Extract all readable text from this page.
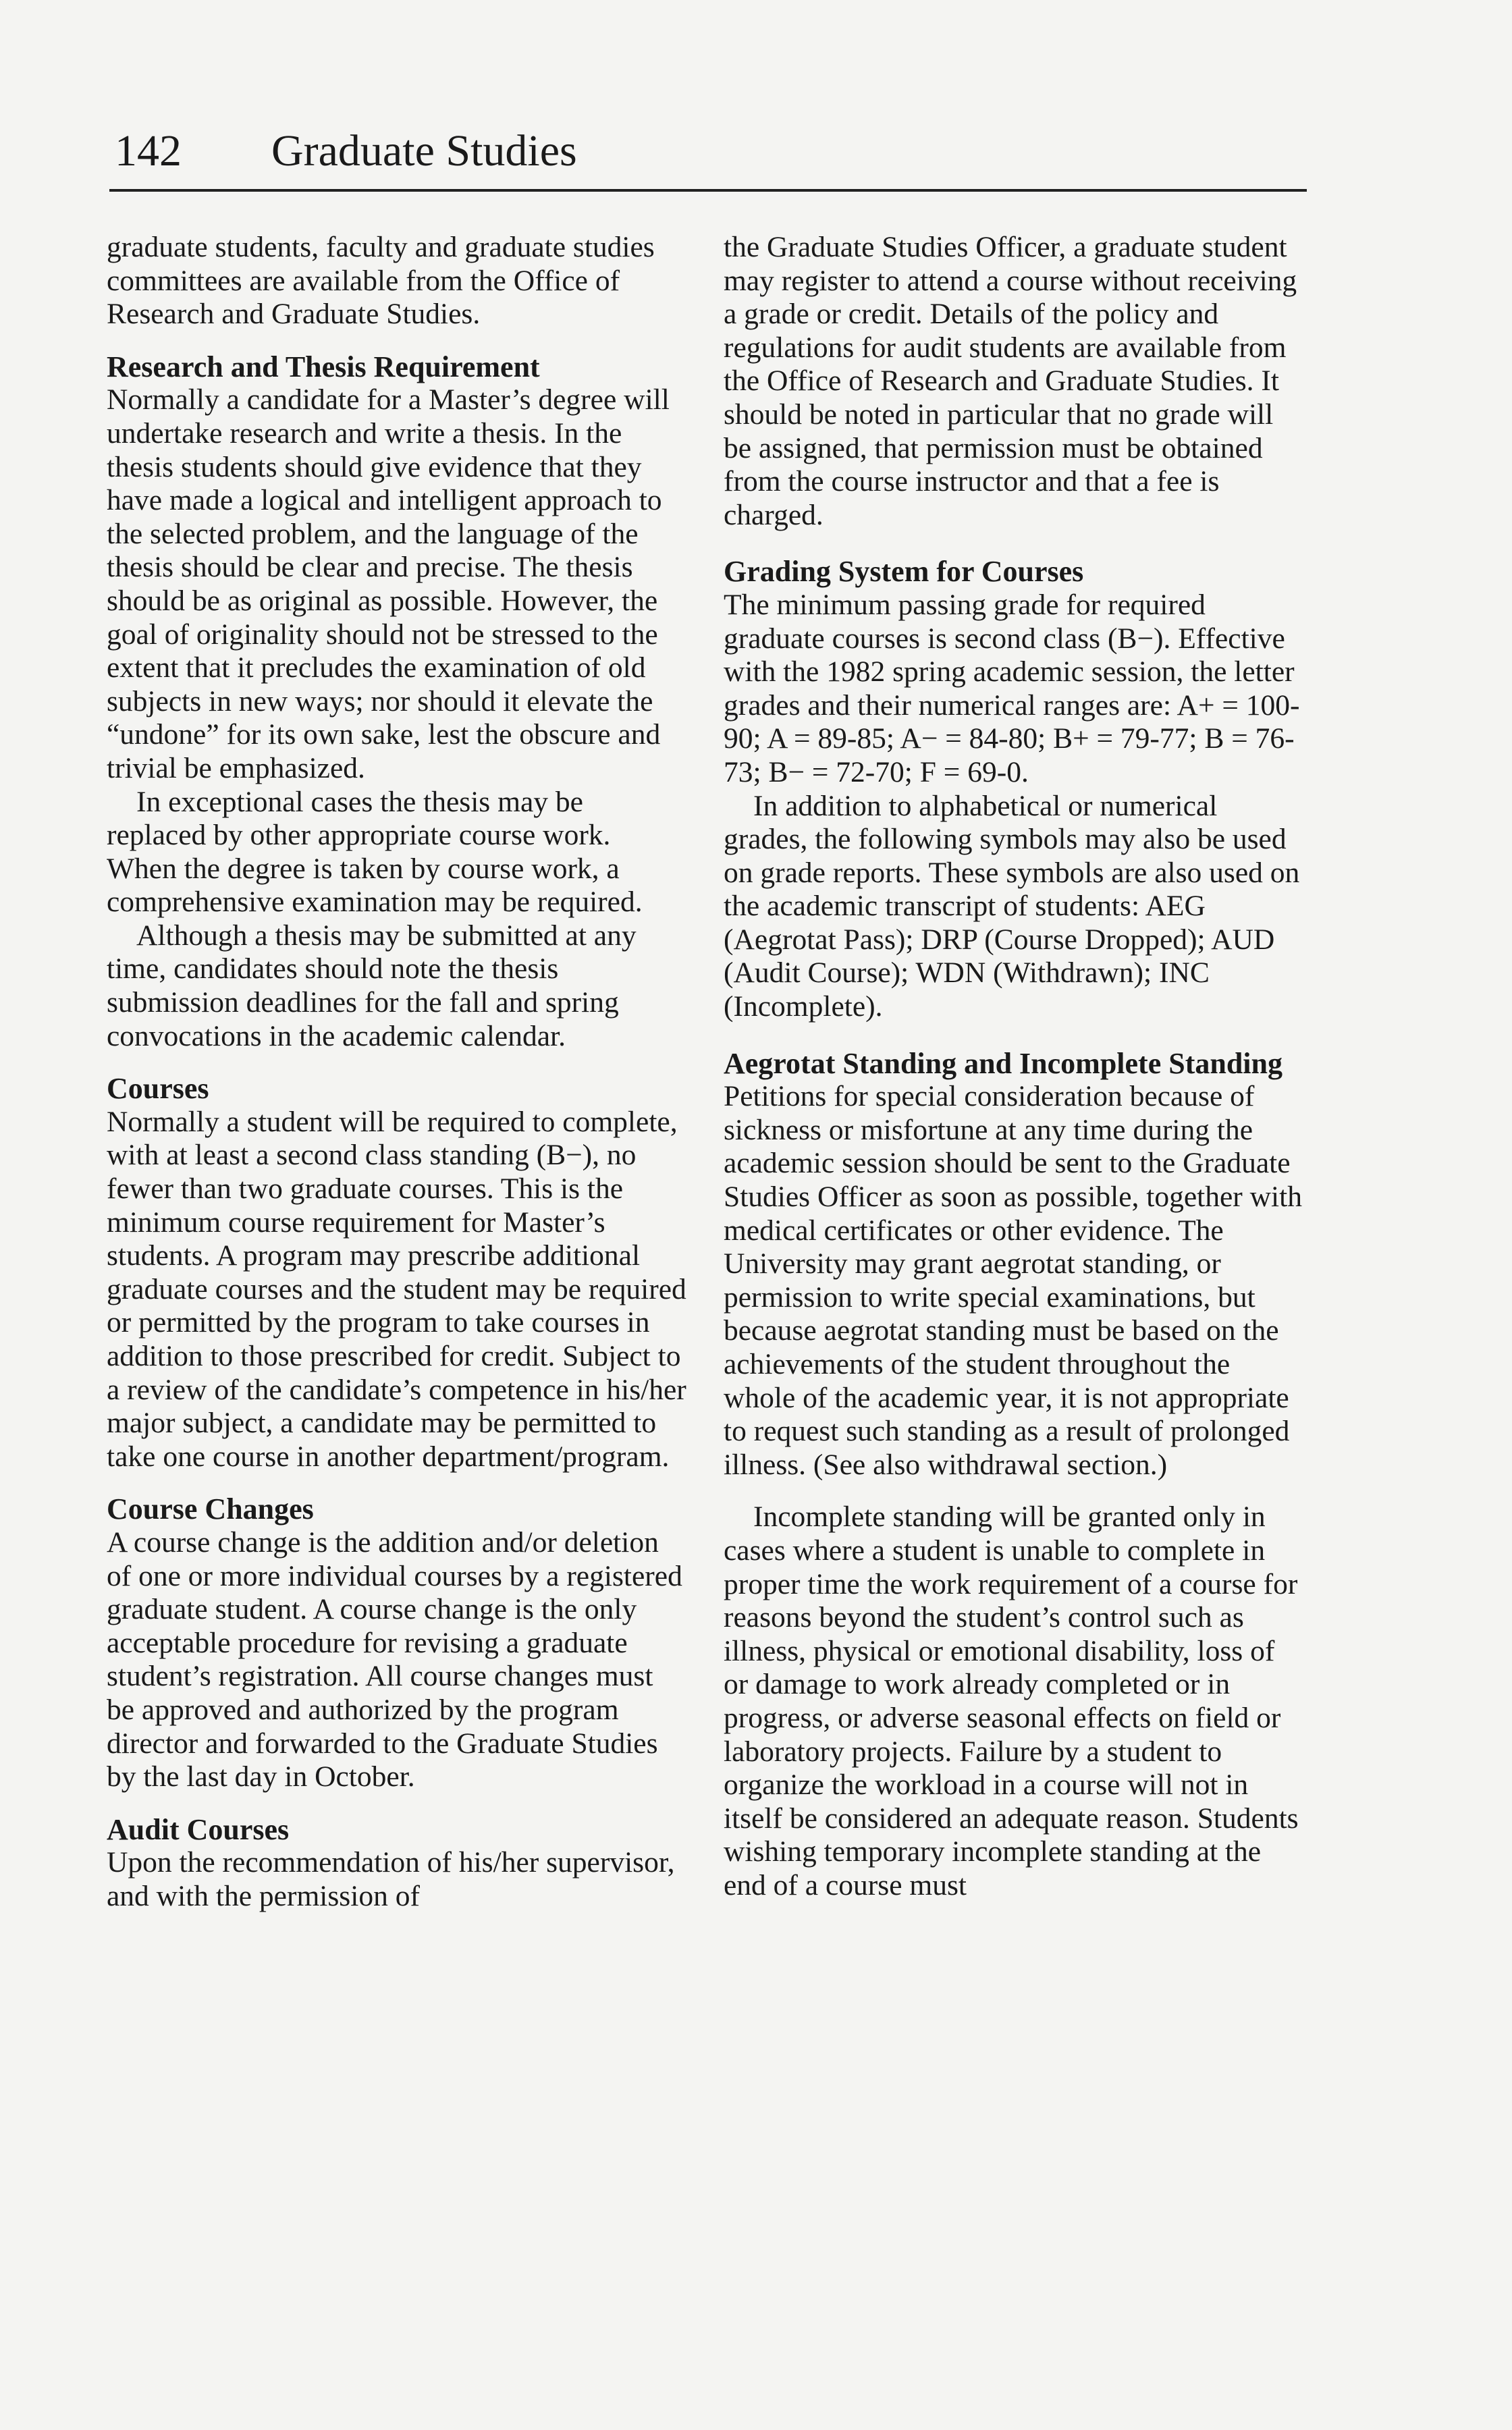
142 Graduate Studies

graduate students, faculty and graduate studies committees are available from the Office of Research and Graduate Studies.

Research and Thesis Requirement

Normally a candidate for a Master’s degree will undertake research and write a thesis. In the thesis students should give evidence that they have made a logical and intelligent approach to the selected problem, and the language of the thesis should be clear and precise. The thesis should be as original as possible. However, the goal of originality should not be stressed to the extent that it precludes the examination of old subjects in new ways; nor should it elevate the “undone” for its own sake, lest the obscure and trivial be emphasized.

In exceptional cases the thesis may be replaced by other appropriate course work. When the degree is taken by course work, a comprehensive examination may be required.

Although a thesis may be submitted at any time, candidates should note the thesis submission deadlines for the fall and spring convocations in the academic calendar.

Courses

Normally a student will be required to complete, with at least a second class standing (B−), no fewer than two graduate courses. This is the minimum course requirement for Master’s students. A program may prescribe additional graduate courses and the student may be required or permitted by the program to take courses in addition to those prescribed for credit. Subject to a review of the candidate’s competence in his/her major subject, a candidate may be permitted to take one course in another department/program.

Course Changes

A course change is the addition and/or deletion of one or more individual courses by a registered graduate student. A course change is the only acceptable procedure for revising a graduate student’s registration. All course changes must be approved and authorized by the program director and forwarded to the Graduate Studies by the last day in October.

Audit Courses

Upon the recommendation of his/her supervisor, and with the permission of

the Graduate Studies Officer, a graduate student may register to attend a course without receiving a grade or credit. Details of the policy and regulations for audit students are available from the Office of Research and Graduate Studies. It should be noted in particular that no grade will be assigned, that permission must be obtained from the course instructor and that a fee is charged.

Grading System for Courses

The minimum passing grade for required graduate courses is second class (B−). Effective with the 1982 spring academic session, the letter grades and their numerical ranges are: A+ = 100-90; A = 89-85; A− = 84-80; B+ = 79-77; B = 76-73; B− = 72-70; F = 69-0.

In addition to alphabetical or numerical grades, the following symbols may also be used on grade reports. These symbols are also used on the academic transcript of students: AEG (Aegrotat Pass); DRP (Course Dropped); AUD (Audit Course); WDN (Withdrawn); INC (Incomplete).

Aegrotat Standing and Incomplete Standing

Petitions for special consideration because of sickness or misfortune at any time during the academic session should be sent to the Graduate Studies Officer as soon as possible, together with medical certificates or other evidence. The University may grant aegrotat standing, or permission to write special examinations, but because aegrotat standing must be based on the achievements of the student throughout the whole of the academic year, it is not appropriate to request such standing as a result of prolonged illness. (See also withdrawal section.)

Incomplete standing will be granted only in cases where a student is unable to complete in proper time the work requirement of a course for reasons beyond the student’s control such as illness, physical or emotional disability, loss of or damage to work already completed or in progress, or adverse seasonal effects on field or laboratory projects. Failure by a student to organize the workload in a course will not in itself be considered an adequate reason. Students wishing temporary incomplete standing at the end of a course must
